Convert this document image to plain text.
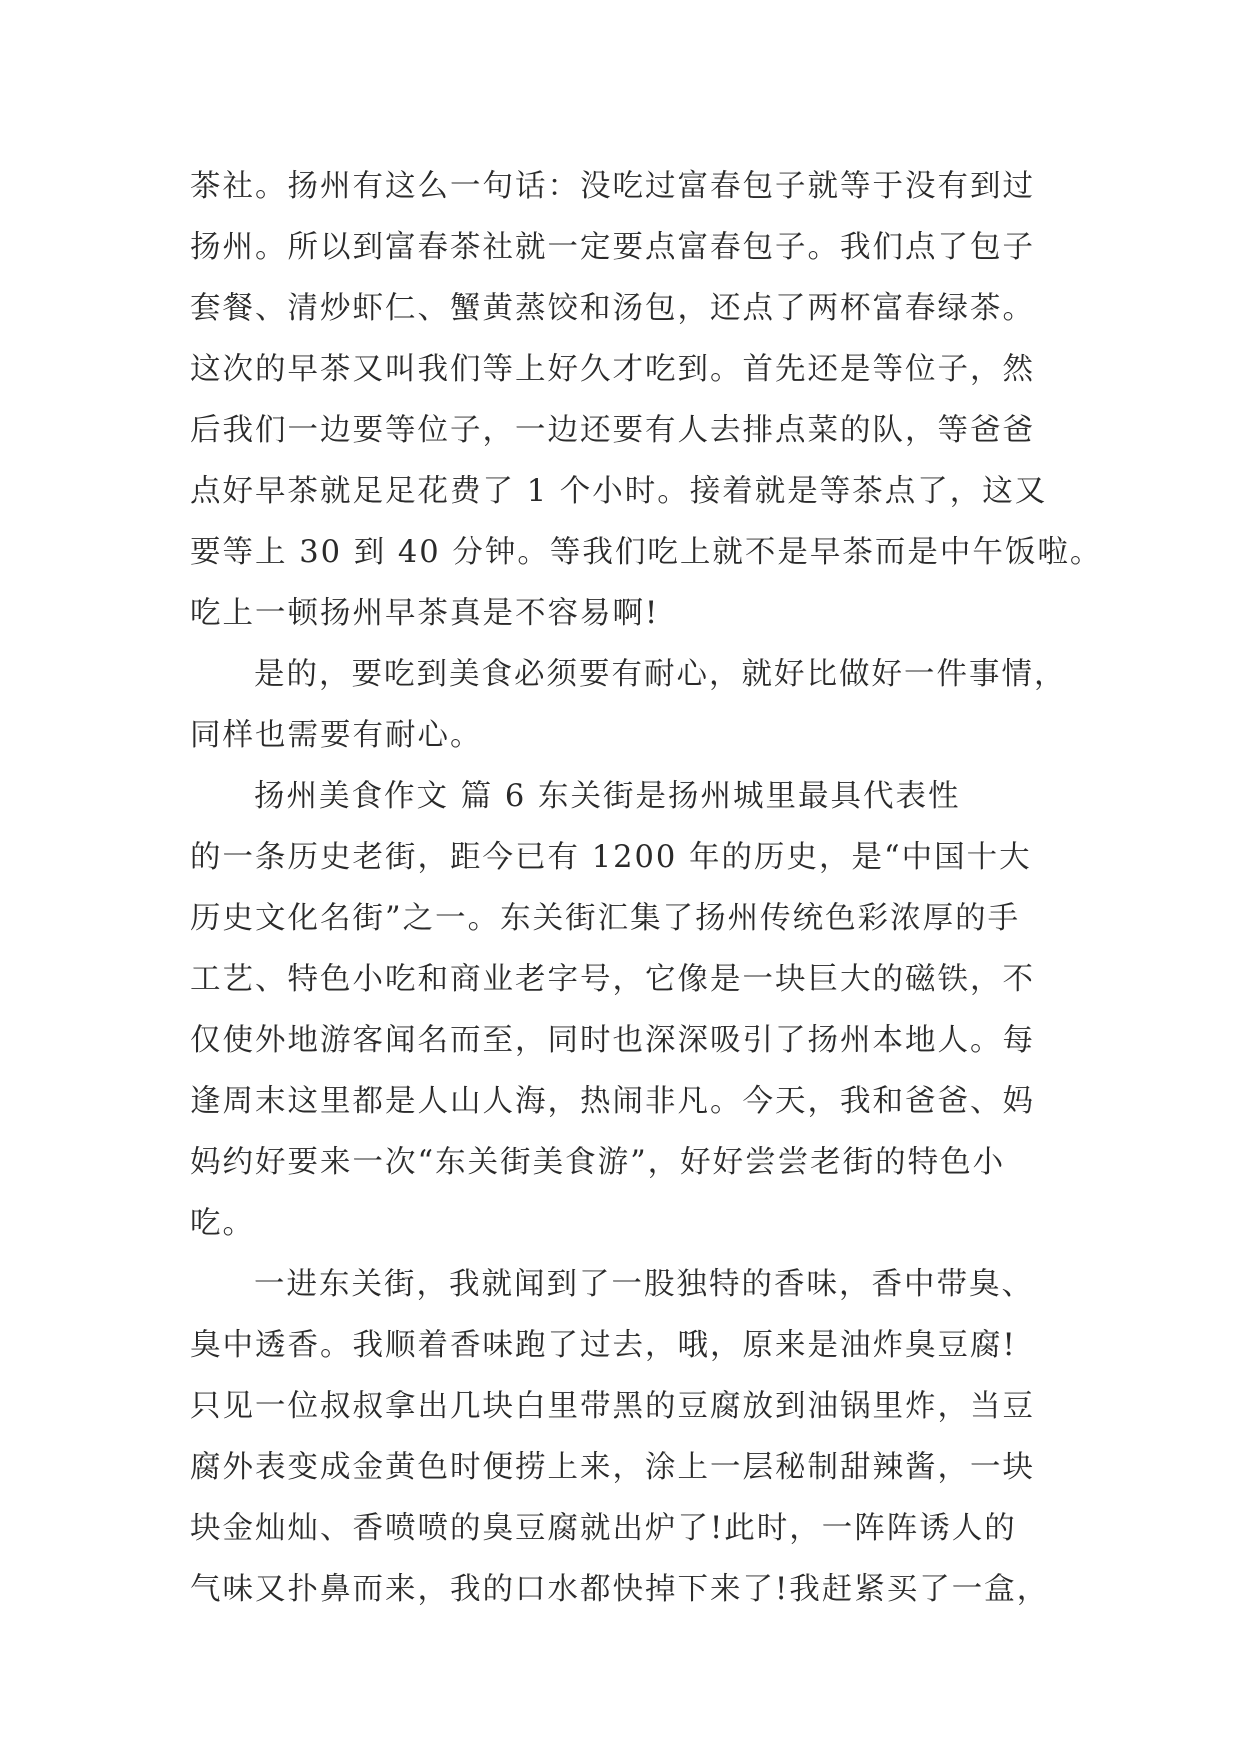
茶社。扬州有这么一句话：没吃过富春包子就等于没有到过
扬州。所以到富春茶社就一定要点富春包子。我们点了包子
套餐、清炒虾仁、蟹黄蒸饺和汤包，还点了两杯富春绿茶。
这次的早茶又叫我们等上好久才吃到。首先还是等位子，然
后我们一边要等位子，一边还要有人去排点菜的队，等爸爸
点好早茶就足足花费了 1 个小时。接着就是等茶点了，这又
要等上 30 到 40 分钟。等我们吃上就不是早茶而是中午饭啦。
吃上一顿扬州早茶真是不容易啊!
是的，要吃到美食必须要有耐心，就好比做好一件事情，
同样也需要有耐心。
扬州美食作文 篇 6 东关街是扬州城里最具代表性
的一条历史老街，距今已有 1200 年的历史，是“中国十大
历史文化名街”之一。东关街汇集了扬州传统色彩浓厚的手
工艺、特色小吃和商业老字号，它像是一块巨大的磁铁，不
仅使外地游客闻名而至，同时也深深吸引了扬州本地人。每
逢周末这里都是人山人海，热闹非凡。今天，我和爸爸、妈
妈约好要来一次“东关街美食游”，好好尝尝老街的特色小
吃。
一进东关街，我就闻到了一股独特的香味，香中带臭、
臭中透香。我顺着香味跑了过去，哦，原来是油炸臭豆腐!
只见一位叔叔拿出几块白里带黑的豆腐放到油锅里炸，当豆
腐外表变成金黄色时便捞上来，涂上一层秘制甜辣酱，一块
块金灿灿、香喷喷的臭豆腐就出炉了!此时，一阵阵诱人的
气味又扑鼻而来，我的口水都快掉下来了!我赶紧买了一盒，
